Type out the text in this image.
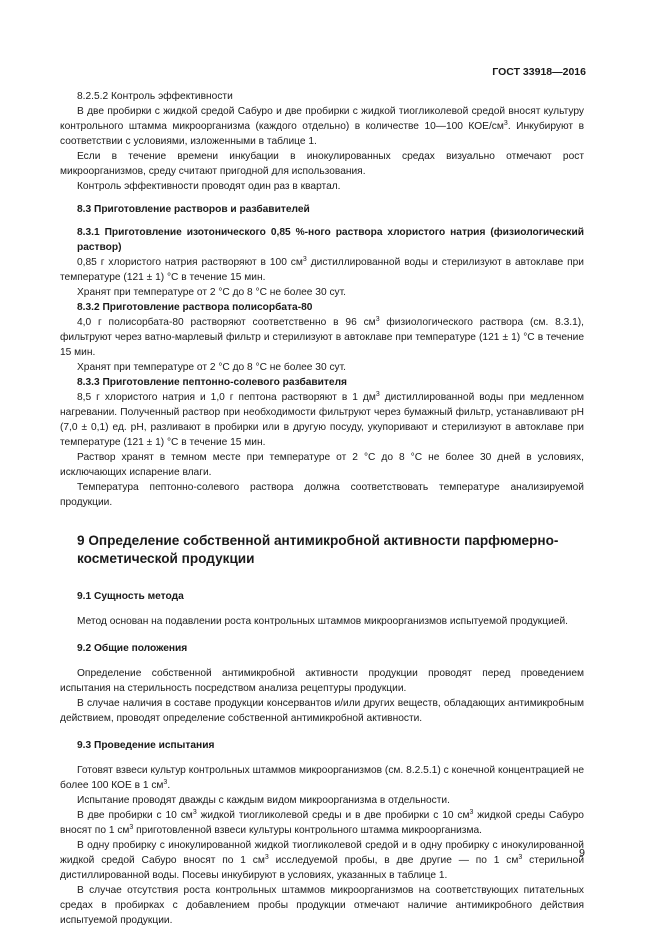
ГОСТ 33918—2016

8.2.5.2 Контроль эффективности

В две пробирки с жидкой средой Сабуро и две пробирки с жидкой тиогликолевой средой вносят культуру контрольного штамма микроорганизма (каждого отдельно) в количестве 10—100 КОЕ/$см^3$. Инкубируют в соответствии с условиями, изложенными в таблице 1.

Если в течение времени инкубации в инокулированных средах визуально отмечают рост микроорганизмов, среду считают пригодной для использования.

Контроль эффективности проводят один раз в квартал.

8.3 Приготовление растворов и разбавителей

8.3.1 Приготовление изотонического 0,85 %-ного раствора хлористого натрия (физиологический раствор)

0,85 г хлористого натрия растворяют в 100 $см^3$ дистиллированной воды и стерилизуют в автоклаве при температуре (121 ± 1) °С в течение 15 мин.

Хранят при температуре от 2 °С до 8 °С не более 30 сут.

8.3.2 Приготовление раствора полисорбата-80

4,0 г полисорбата-80 растворяют соответственно в 96 $см^3$ физиологического раствора (см. 8.3.1), фильтруют через ватно-марлевый фильтр и стерилизуют в автоклаве при температуре (121 ± 1) °С в течение 15 мин.

Хранят при температуре от 2 °С до 8 °С не более 30 сут.

8.3.3 Приготовление пептонно-солевого разбавителя

8,5 г хлористого натрия и 1,0 г пептона растворяют в 1 $дм^3$ дистиллированной воды при медленном нагревании. Полученный раствор при необходимости фильтруют через бумажный фильтр, устанавливают pH (7,0 ± 0,1) ед. pH, разливают в пробирки или в другую посуду, укупоривают и стерилизуют в автоклаве при температуре (121 ± 1) °С в течение 15 мин.

Раствор хранят в темном месте при температуре от 2 °С до 8 °С не более 30 дней в условиях, исключающих испарение влаги.

Температура пептонно-солевого раствора должна соответствовать температуре анализируемой продукции.

9 Определение собственной антимикробной активности парфюмерно-косметической продукции

9.1 Сущность метода

Метод основан на подавлении роста контрольных штаммов микроорганизмов испытуемой продукцией.

9.2 Общие положения

Определение собственной антимикробной активности продукции проводят перед проведением испытания на стерильность посредством анализа рецептуры продукции.

В случае наличия в составе продукции консервантов и/или других веществ, обладающих антимикробным действием, проводят определение собственной антимикробной активности.

9.3 Проведение испытания

Готовят взвеси культур контрольных штаммов микроорганизмов (см. 8.2.5.1) с конечной концентрацией не более 100 КОЕ в 1 $см^3$.

Испытание проводят дважды с каждым видом микроорганизма в отдельности.

В две пробирки с 10 $см^3$ жидкой тиогликолевой среды и в две пробирки с 10 $см^3$ жидкой среды Сабуро вносят по 1 $см^3$ приготовленной взвеси культуры контрольного штамма микроорганизма.

В одну пробирку с инокулированной жидкой тиогликолевой средой и в одну пробирку с инокулированной жидкой средой Сабуро вносят по 1 $см^3$ исследуемой пробы, в две другие — по 1 $см^3$ стерильной дистиллированной воды. Посевы инкубируют в условиях, указанных в таблице 1.

В случае отсутствия роста контрольных штаммов микроорганизмов на соответствующих питательных средах в пробирках с добавлением пробы продукции отмечают наличие антимикробного действия испытуемой продукции.

9
